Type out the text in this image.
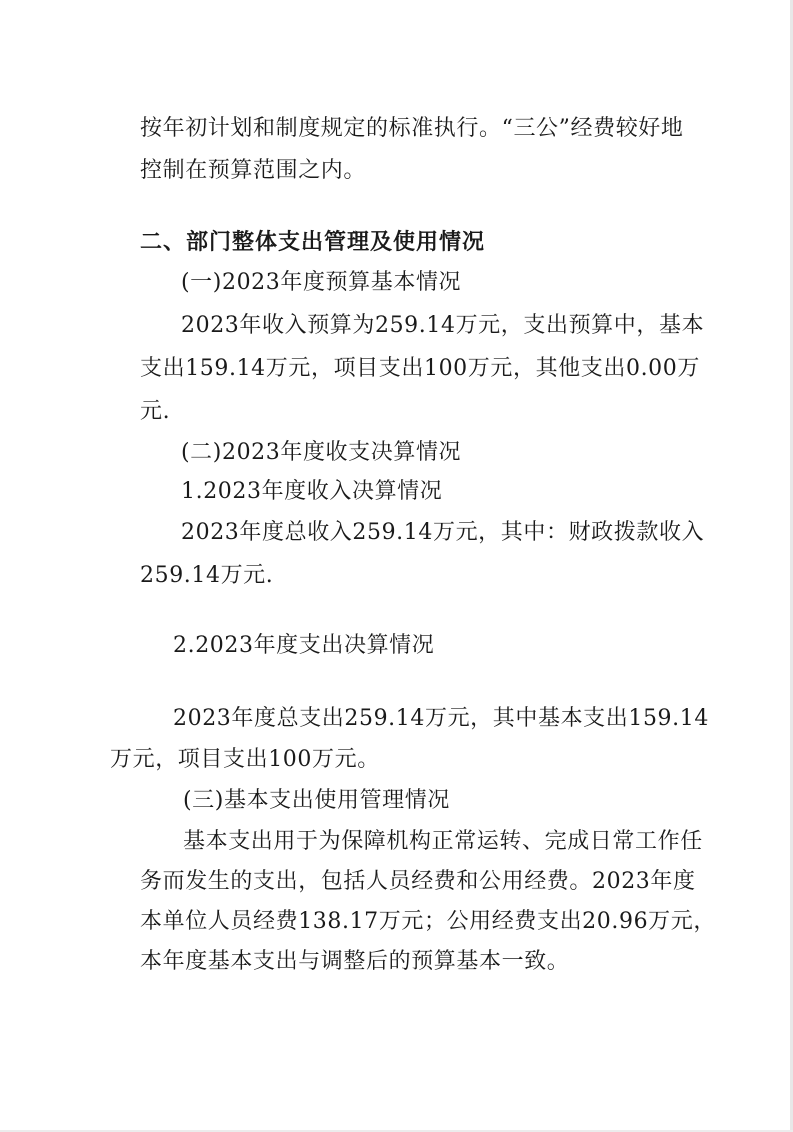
按年初计划和制度规定的标准执行。“三公”经费较好地
控制在预算范围之内。
二、部门整体支出管理及使用情况
(一)2023年度预算基本情况
2023年收入预算为259.14万元，支出预算中，基本
支出159.14万元，项目支出100万元，其他支出0.00万
元.
(二)2023年度收支决算情况
1.2023年度收入决算情况
2023年度总收入259.14万元，其中：财政拨款收入
259.14万元.
2.2023年度支出决算情况
2023年度总支出259.14万元，其中基本支出159.14
万元，项目支出100万元。
(三)基本支出使用管理情况
基本支出用于为保障机构正常运转、完成日常工作任
务而发生的支出，包括人员经费和公用经费。2023年度
本单位人员经费138.17万元；公用经费支出20.96万元，
本年度基本支出与调整后的预算基本一致。
